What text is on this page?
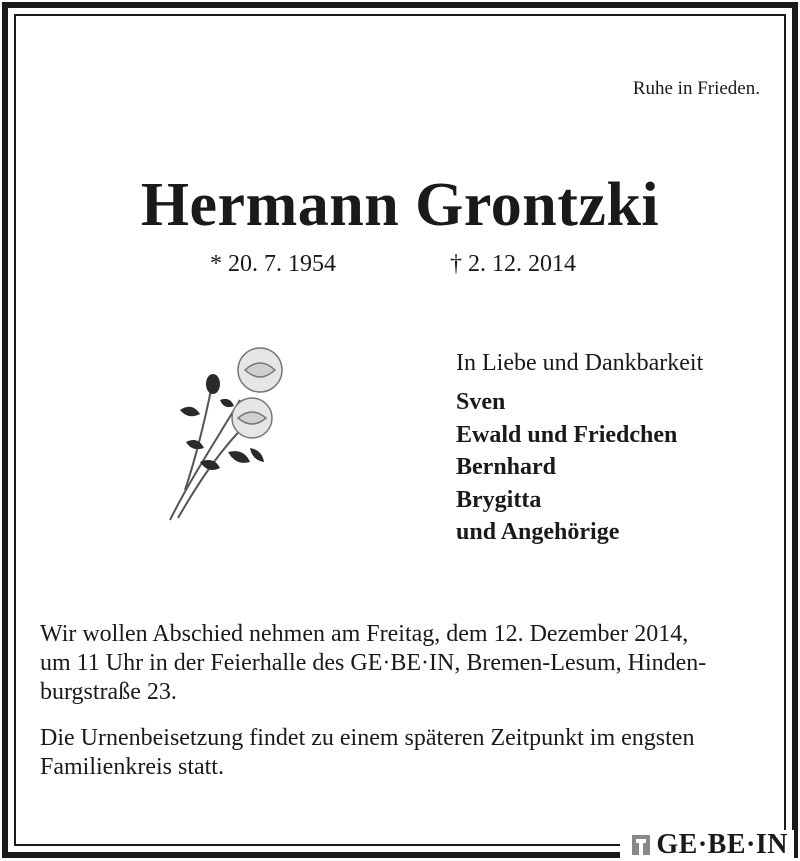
Ruhe in Frieden.
Hermann Grontzki
* 20. 7. 1954	† 2. 12. 2014
In Liebe und Dankbarkeit
Sven
Ewald und Friedchen
Bernhard
Brygitta
und Angehörige
Wir wollen Abschied nehmen am Freitag, dem 12. Dezember 2014,
um 11 Uhr in der Feierhalle des GE·BE·IN, Bremen-Lesum, Hinden-
burgstraße 23.
Die Urnenbeisetzung findet zu einem späteren Zeitpunkt im engsten
Familienkreis statt.
GE·BE·IN
